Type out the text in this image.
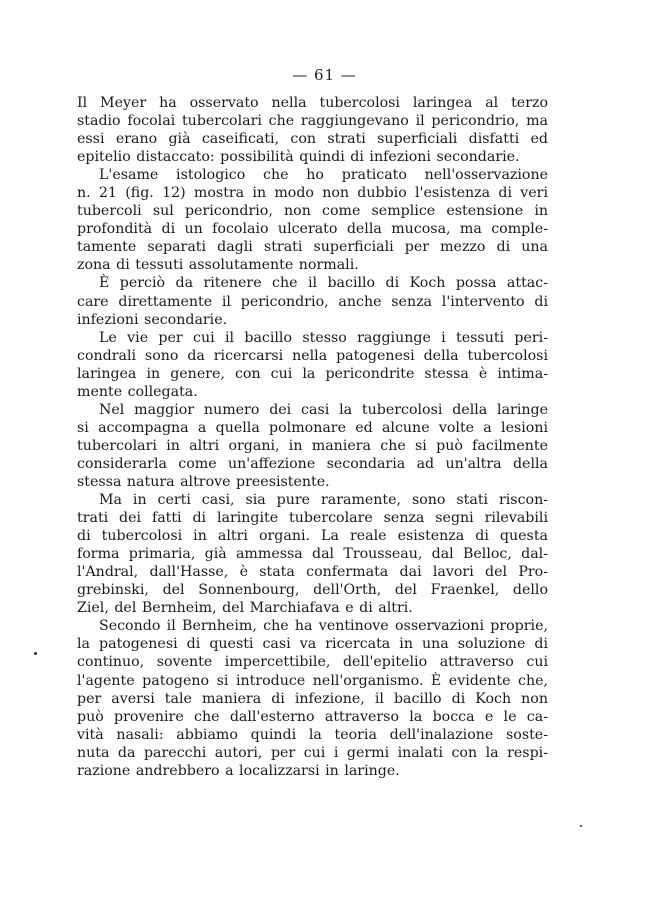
— 61 —
Il Meyer ha osservato nella tubercolosi laringea al terzo
stadio focolai tubercolari che raggiungevano il pericondrio, ma
essi erano già caseificati, con strati superficiali disfatti ed
epitelio distaccato: possibilità quindi di infezioni secondarie.
L'esame istologico che ho praticato nell'osservazione
n. 21 (fig. 12) mostra in modo non dubbio l'esistenza di veri
tubercoli sul pericondrio, non come semplice estensione in
profondità di un focolaio ulcerato della mucosa, ma comple-
tamente separati dagli strati superficiali per mezzo di una
zona di tessuti assolutamente normali.
È perciò da ritenere che il bacillo di Koch possa attac-
care direttamente il pericondrio, anche senza l'intervento di
infezioni secondarie.
Le vie per cui il bacillo stesso raggiunge i tessuti peri-
condrali sono da ricercarsi nella patogenesi della tubercolosi
laringea in genere, con cui la pericondrite stessa è intima-
mente collegata.
Nel maggior numero dei casi la tubercolosi della laringe
si accompagna a quella polmonare ed alcune volte a lesioni
tubercolari in altri organi, in maniera che si può facilmente
considerarla come un'affezione secondaria ad un'altra della
stessa natura altrove preesistente.
Ma in certi casi, sia pure raramente, sono stati riscon-
trati dei fatti di laringite tubercolare senza segni rilevabili
di tubercolosi in altri organi. La reale esistenza di questa
forma primaria, già ammessa dal Trousseau, dal Belloc, dal-
l'Andral, dall'Hasse, è stata confermata dai lavori del Pro-
grebinski, del Sonnenbourg, dell'Orth, del Fraenkel, dello
Ziel, del Bernheim, del Marchiafava e di altri.
Secondo il Bernheim, che ha ventinove osservazioni proprie,
la patogenesi di questi casi va ricercata in una soluzione di
continuo, sovente impercettibile, dell'epitelio attraverso cui
l'agente patogeno si introduce nell'organismo. È evidente che,
per aversi tale maniera di infezione, il bacillo di Koch non
può provenire che dall'esterno attraverso la bocca e le ca-
vità nasali: abbiamo quindi la teoria dell'inalazione soste-
nuta da parecchi autori, per cui i germi inalati con la respi-
razione andrebbero a localizzarsi in laringe.
